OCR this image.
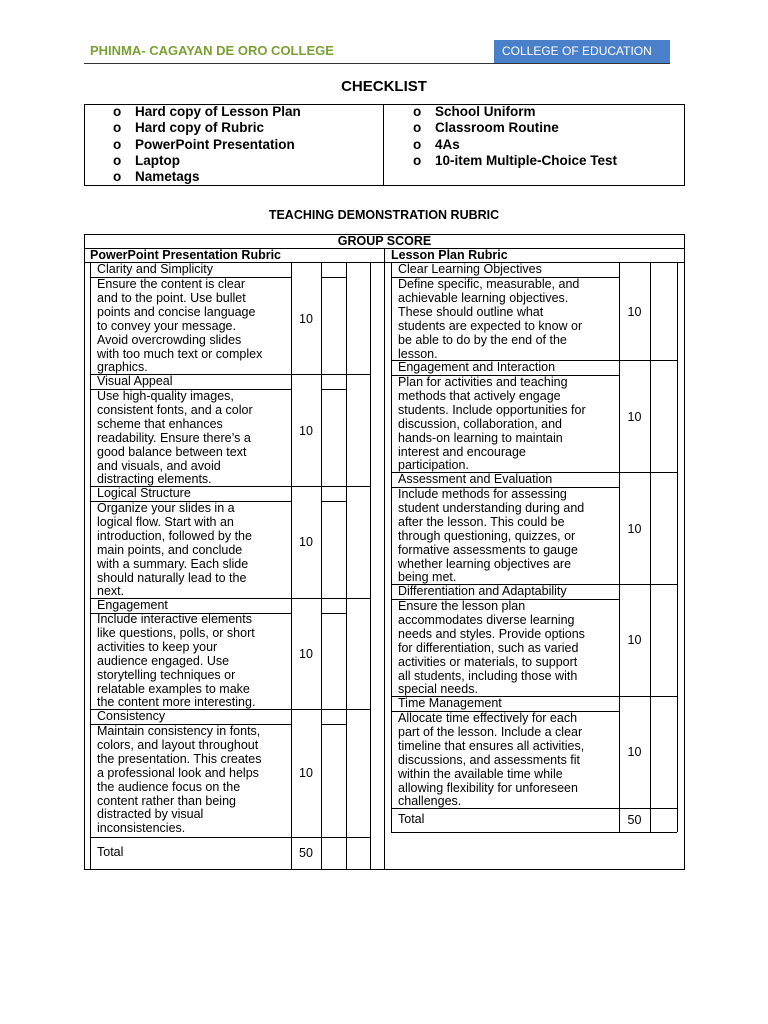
PHINMA- CAGAYAN DE ORO COLLEGE	COLLEGE OF EDUCATION
CHECKLIST
o Hard copy of Lesson Plan
o Hard copy of Rubric
o PowerPoint Presentation
o Laptop
o Nametags
o School Uniform
o Classroom Routine
o 4As
o 10-item Multiple-Choice Test
TEACHING DEMONSTRATION RUBRIC
GROUP SCORE
PowerPoint Presentation Rubric	Lesson Plan Rubric
Clarity and Simplicity
Ensure the content is clear
and to the point. Use bullet
points and concise language
to convey your message.
Avoid overcrowding slides
with too much text or complex
graphics.
10
Visual Appeal
Use high-quality images,
consistent fonts, and a color
scheme that enhances
readability. Ensure there’s a
good balance between text
and visuals, and avoid
distracting elements.
10
Logical Structure
Organize your slides in a
logical flow. Start with an
introduction, followed by the
main points, and conclude
with a summary. Each slide
should naturally lead to the
next.
10
Engagement
Include interactive elements
like questions, polls, or short
activities to keep your
audience engaged. Use
storytelling techniques or
relatable examples to make
the content more interesting.
10
Consistency
Maintain consistency in fonts,
colors, and layout throughout
the presentation. This creates
a professional look and helps
the audience focus on the
content rather than being
distracted by visual
inconsistencies.
10
Total	50
Clear Learning Objectives
Define specific, measurable, and
achievable learning objectives.
These should outline what
students are expected to know or
be able to do by the end of the
lesson.
10
Engagement and Interaction
Plan for activities and teaching
methods that actively engage
students. Include opportunities for
discussion, collaboration, and
hands-on learning to maintain
interest and encourage
participation.
10
Assessment and Evaluation
Include methods for assessing
student understanding during and
after the lesson. This could be
through questioning, quizzes, or
formative assessments to gauge
whether learning objectives are
being met.
10
Differentiation and Adaptability
Ensure the lesson plan
accommodates diverse learning
needs and styles. Provide options
for differentiation, such as varied
activities or materials, to support
all students, including those with
special needs.
10
Time Management
Allocate time effectively for each
part of the lesson. Include a clear
timeline that ensures all activities,
discussions, and assessments fit
within the available time while
allowing flexibility for unforeseen
challenges.
10
Total	50
